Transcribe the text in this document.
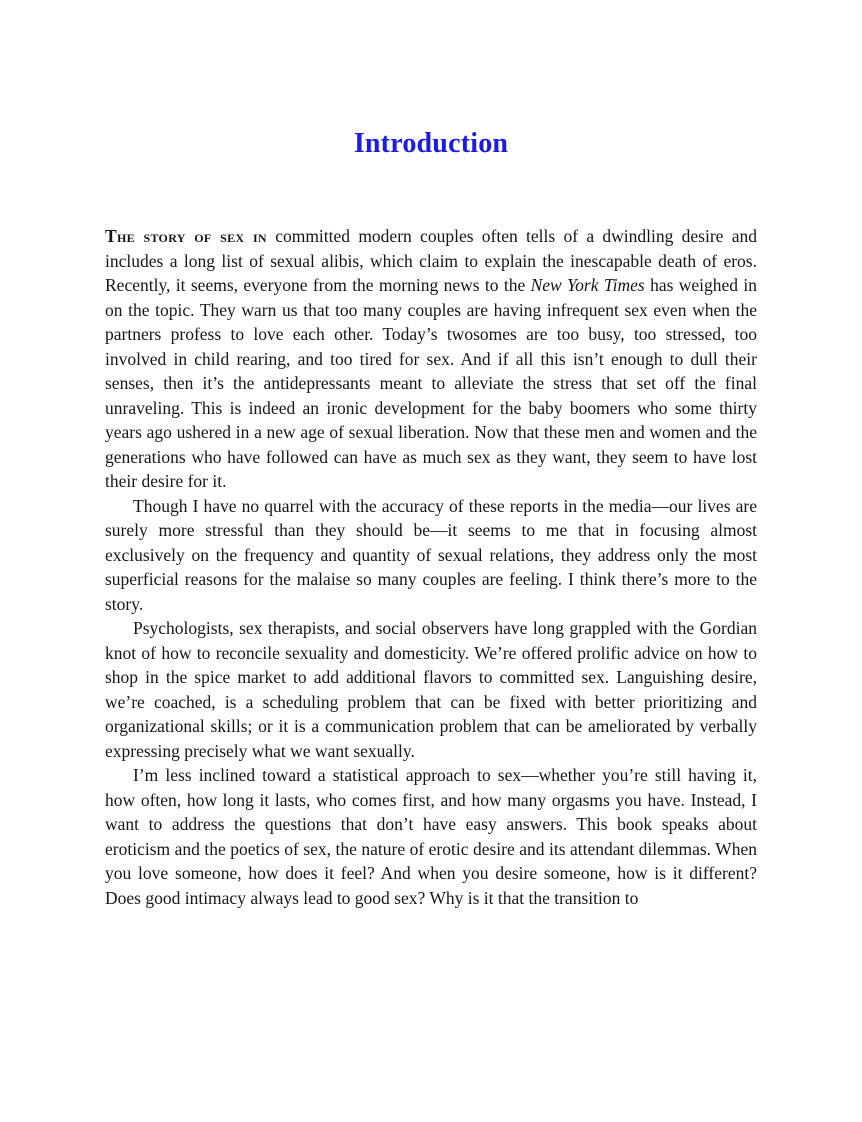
Introduction

The story of sex in committed modern couples often tells of a dwindling desire and includes a long list of sexual alibis, which claim to explain the inescapable death of eros. Recently, it seems, everyone from the morning news to the New York Times has weighed in on the topic. They warn us that too many couples are having infrequent sex even when the partners profess to love each other. Today’s twosomes are too busy, too stressed, too involved in child rearing, and too tired for sex. And if all this isn’t enough to dull their senses, then it’s the antidepressants meant to alleviate the stress that set off the final unraveling. This is indeed an ironic development for the baby boomers who some thirty years ago ushered in a new age of sexual liberation. Now that these men and women and the generations who have followed can have as much sex as they want, they seem to have lost their desire for it.

Though I have no quarrel with the accuracy of these reports in the media—our lives are surely more stressful than they should be—it seems to me that in focusing almost exclusively on the frequency and quantity of sexual relations, they address only the most superficial reasons for the malaise so many couples are feeling. I think there’s more to the story.

Psychologists, sex therapists, and social observers have long grappled with the Gordian knot of how to reconcile sexuality and domesticity. We’re offered prolific advice on how to shop in the spice market to add additional flavors to committed sex. Languishing desire, we’re coached, is a scheduling problem that can be fixed with better prioritizing and organizational skills; or it is a communication problem that can be ameliorated by verbally expressing precisely what we want sexually.

I’m less inclined toward a statistical approach to sex—whether you’re still having it, how often, how long it lasts, who comes first, and how many orgasms you have. Instead, I want to address the questions that don’t have easy answers. This book speaks about eroticism and the poetics of sex, the nature of erotic desire and its attendant dilemmas. When you love someone, how does it feel? And when you desire someone, how is it different? Does good intimacy always lead to good sex? Why is it that the transition to
